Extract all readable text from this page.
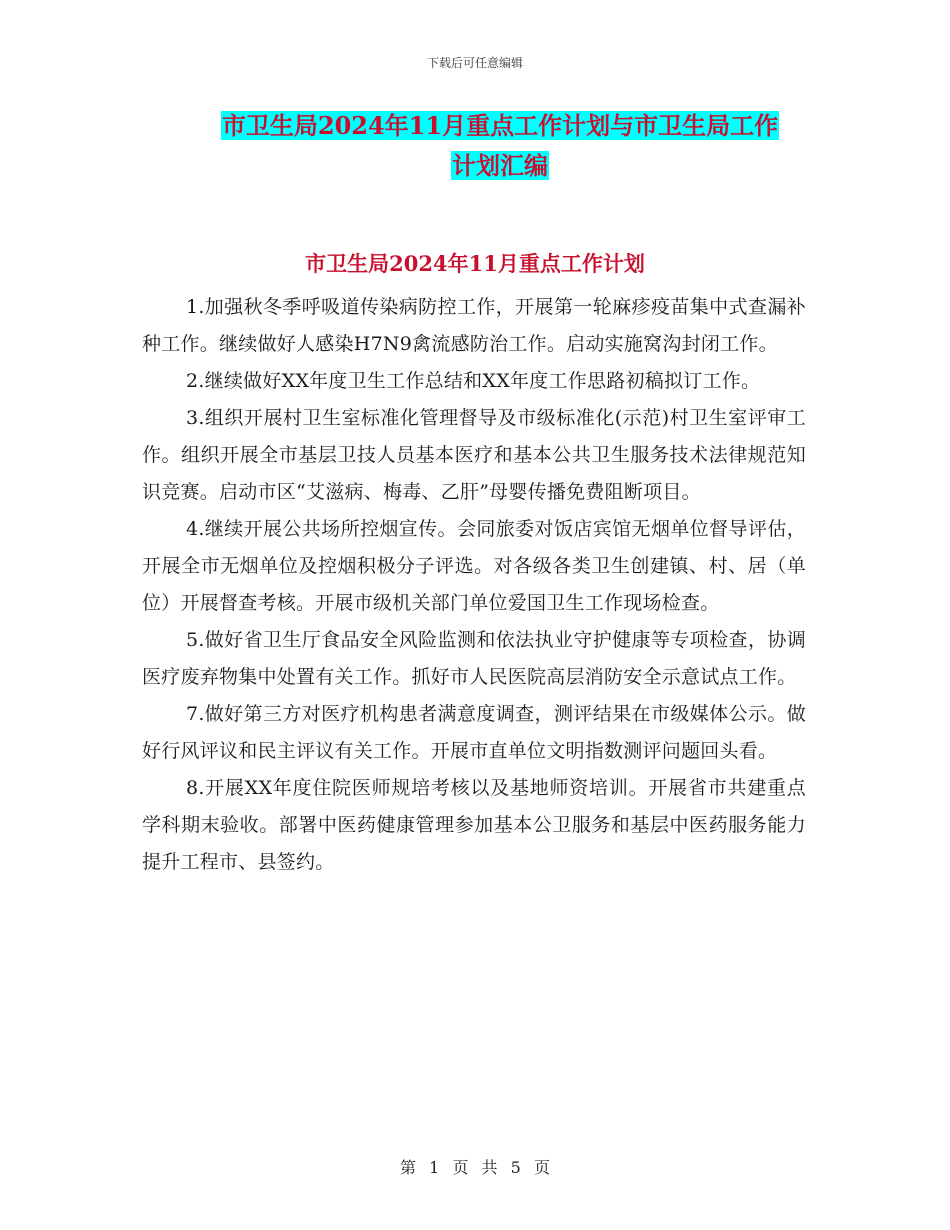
下载后可任意编辑
市卫生局2024年11月重点工作计划与市卫生局工作
计划汇编
市卫生局2024年11月重点工作计划

1.加强秋冬季呼吸道传染病防控工作，开展第一轮麻疹疫苗集中式查漏补种工作。继续做好人感染H7N9禽流感防治工作。启动实施窝沟封闭工作。

2.继续做好XX年度卫生工作总结和XX年度工作思路初稿拟订工作。

3.组织开展村卫生室标准化管理督导及市级标准化(示范)村卫生室评审工作。组织开展全市基层卫技人员基本医疗和基本公共卫生服务技术法律规范知识竞赛。启动市区“艾滋病、梅毒、乙肝”母婴传播免费阻断项目。

4.继续开展公共场所控烟宣传。会同旅委对饭店宾馆无烟单位督导评估，开展全市无烟单位及控烟积极分子评选。对各级各类卫生创建镇、村、居（单位）开展督查考核。开展市级机关部门单位爱国卫生工作现场检查。

5.做好省卫生厅食品安全风险监测和依法执业守护健康等专项检查，协调医疗废弃物集中处置有关工作。抓好市人民医院高层消防安全示意试点工作。

7.做好第三方对医疗机构患者满意度调查，测评结果在市级媒体公示。做好行风评议和民主评议有关工作。开展市直单位文明指数测评问题回头看。

8.开展XX年度住院医师规培考核以及基地师资培训。开展省市共建重点学科期末验收。部署中医药健康管理参加基本公卫服务和基层中医药服务能力提升工程市、县签约。

第 1 页 共 5 页
